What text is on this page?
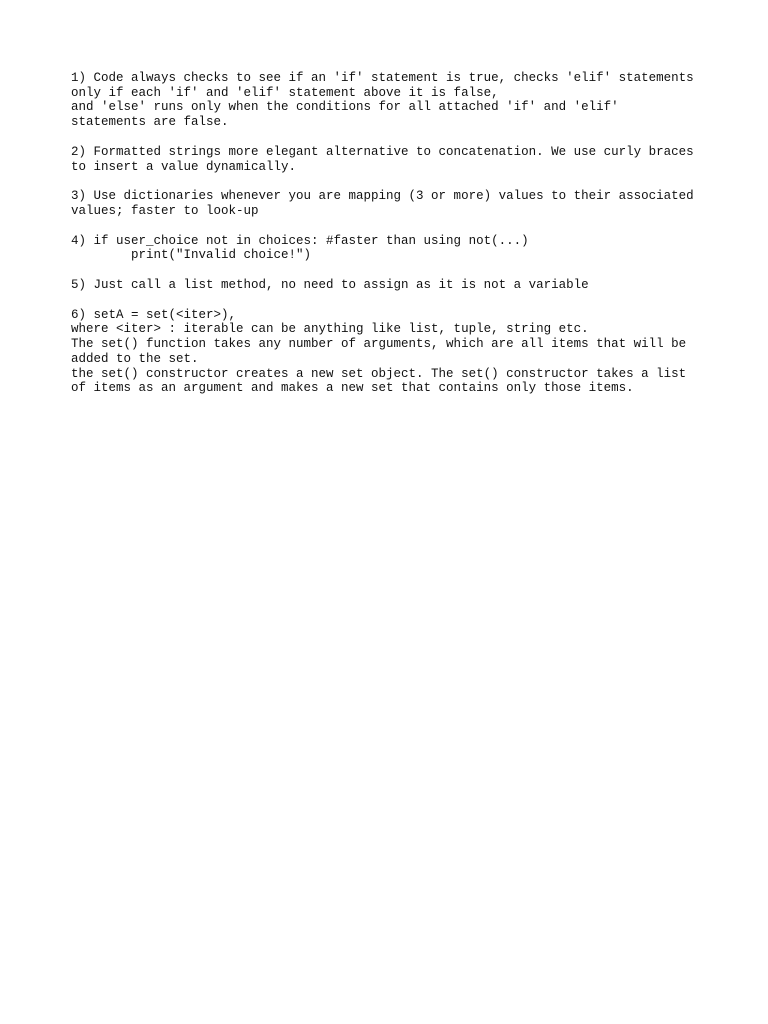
1) Code always checks to see if an 'if' statement is true, checks 'elif' statements
only if each 'if' and 'elif' statement above it is false,
and 'else' runs only when the conditions for all attached 'if' and 'elif'
statements are false.
2) Formatted strings more elegant alternative to concatenation. We use curly braces
to insert a value dynamically.
3) Use dictionaries whenever you are mapping (3 or more) values to their associated
values; faster to look-up
4) if user_choice not in choices: #faster than using not(...)
print("Invalid choice!")
5) Just call a list method, no need to assign as it is not a variable
6) setA = set(<iter>),
where <iter> : iterable can be anything like list, tuple, string etc.
The set() function takes any number of arguments, which are all items that will be
added to the set.
the set() constructor creates a new set object. The set() constructor takes a list
of items as an argument and makes a new set that contains only those items.
